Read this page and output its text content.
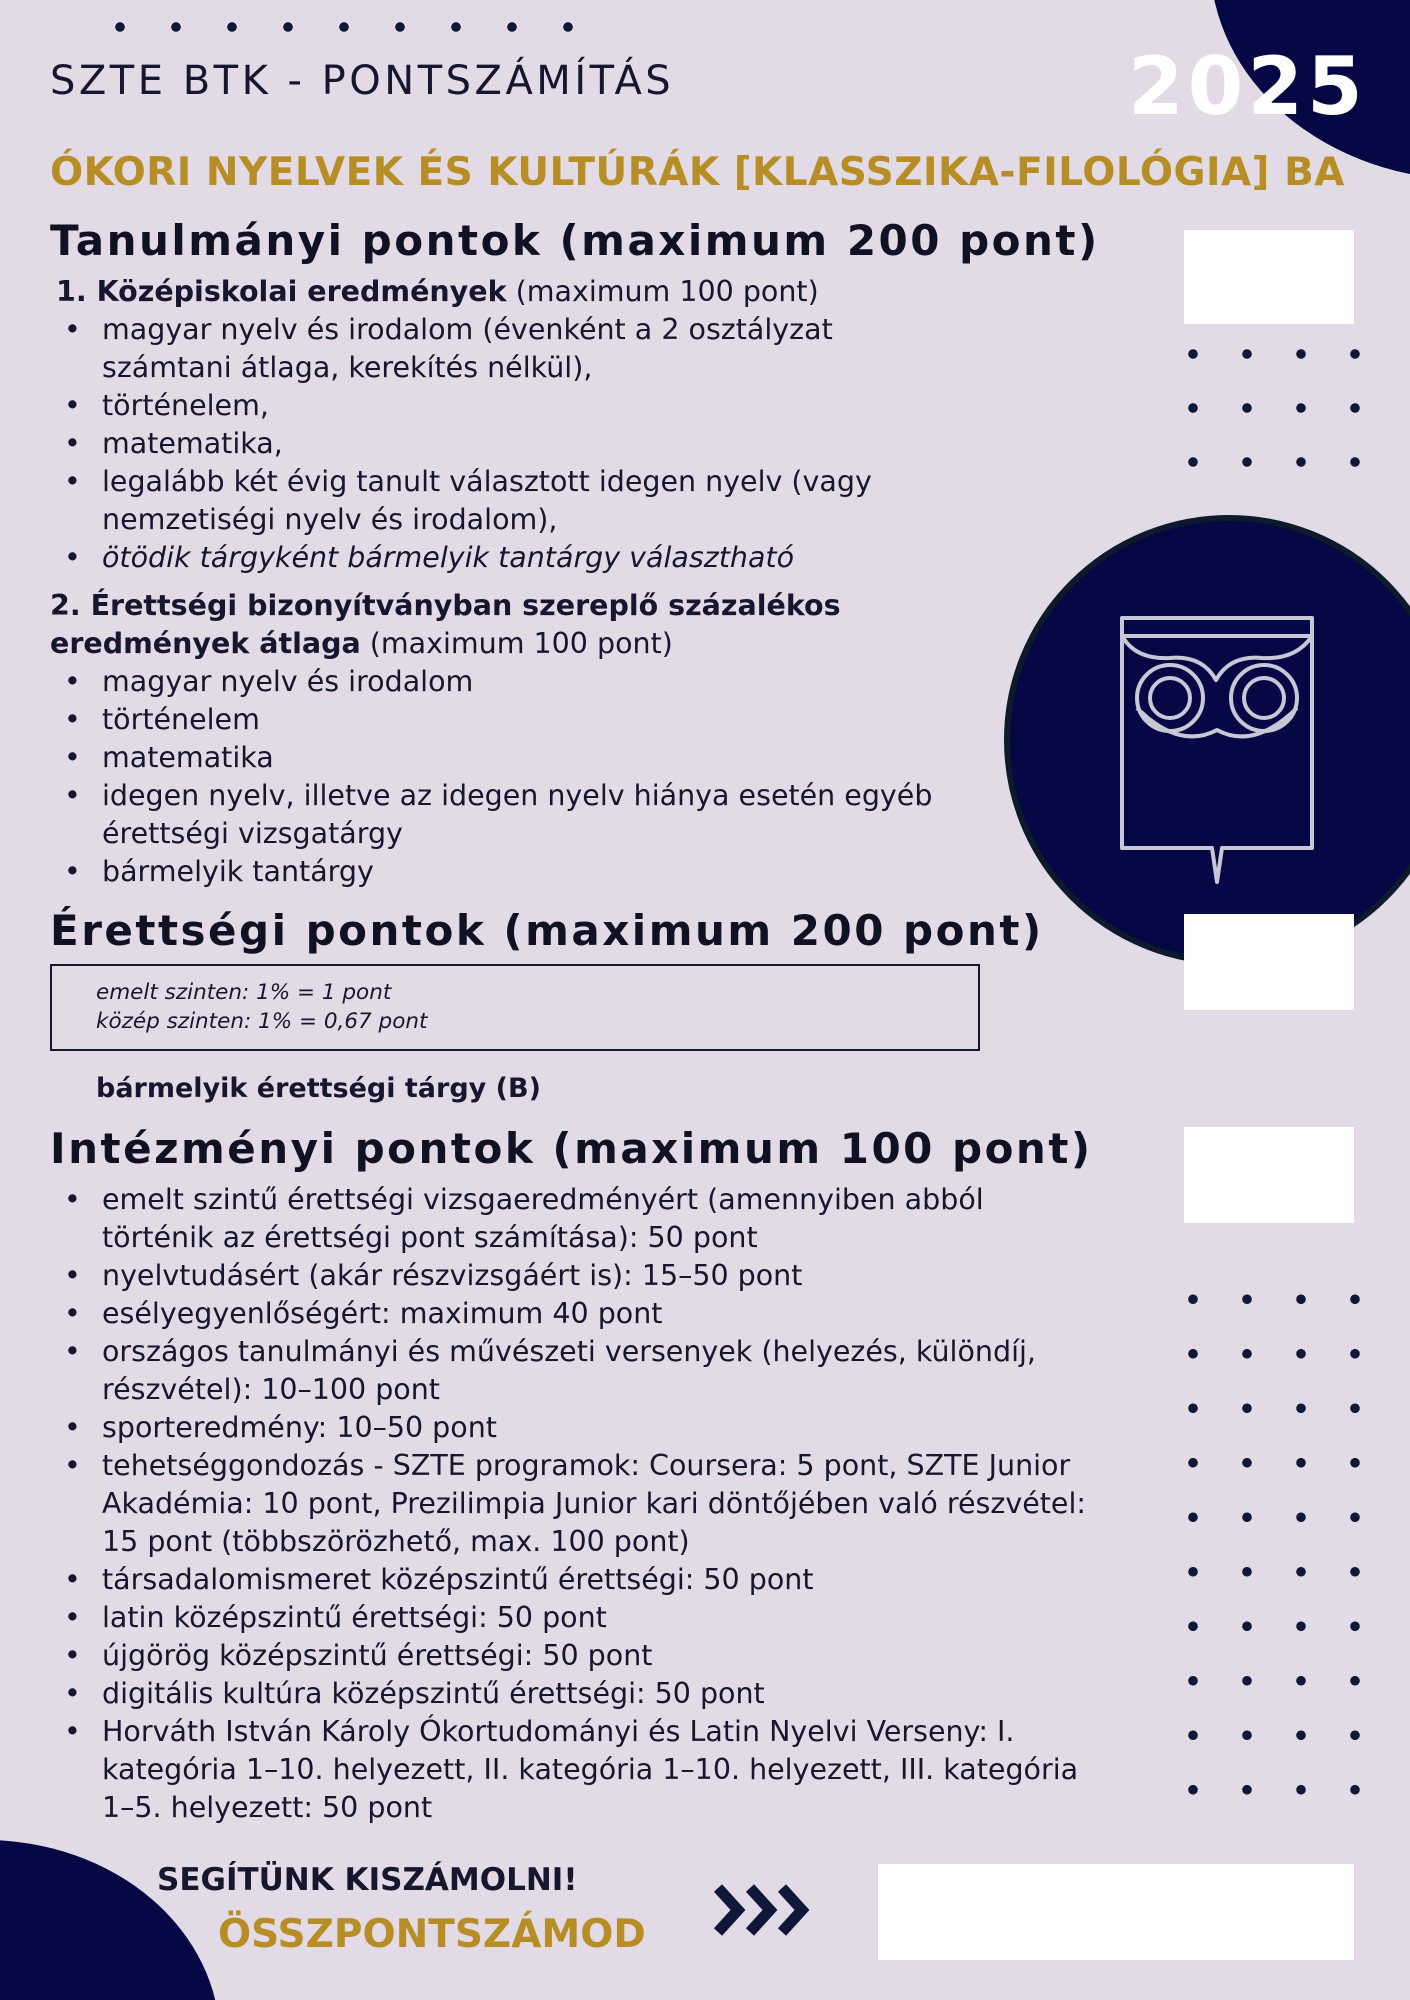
SZTE BTK - PONTSZÁMÍTÁS	2025
ÓKORI NYELVEK ÉS KULTÚRÁK [KLASSZIKA-FILOLÓGIA] BA
Tanulmányi pontok (maximum 200 pont)
1. Középiskolai eredmények (maximum 100 pont)
• magyar nyelv és irodalom (évenként a 2 osztályzat számtani átlaga, kerekítés nélkül),
• történelem,
• matematika,
• legalább két évig tanult választott idegen nyelv (vagy nemzetiségi nyelv és irodalom),
• ötödik tárgyként bármelyik tantárgy választható
2. Érettségi bizonyítványban szereplő százalékos eredmények átlaga (maximum 100 pont)
• magyar nyelv és irodalom
• történelem
• matematika
• idegen nyelv, illetve az idegen nyelv hiánya esetén egyéb érettségi vizsgatárgy
• bármelyik tantárgy
Érettségi pontok (maximum 200 pont)
emelt szinten: 1% = 1 pont
közép szinten: 1% = 0,67 pont
bármelyik érettségi tárgy (B)
Intézményi pontok (maximum 100 pont)
• emelt szintű érettségi vizsgaeredményért (amennyiben abból történik az érettségi pont számítása): 50 pont
• nyelvtudásért (akár részvizsgáért is): 15–50 pont
• esélyegyenlőségért: maximum 40 pont
• országos tanulmányi és művészeti versenyek (helyezés, különdíj, részvétel): 10–100 pont
• sporteredmény: 10–50 pont
• tehetséggondozás - SZTE programok: Coursera: 5 pont, SZTE Junior Akadémia: 10 pont, Prezilimpia Junior kari döntőjében való részvétel: 15 pont (többszörözhető, max. 100 pont)
• társadalomismeret középszintű érettségi: 50 pont
• latin középszintű érettségi: 50 pont
• újgörög középszintű érettségi: 50 pont
• digitális kultúra középszintű érettségi: 50 pont
• Horváth István Károly Ókortudományi és Latin Nyelvi Verseny: I. kategória 1–10. helyezett, II. kategória 1–10. helyezett, III. kategória 1–5. helyezett: 50 pont
SEGÍTÜNK KISZÁMOLNI!
ÖSSZPONTSZÁMOD
